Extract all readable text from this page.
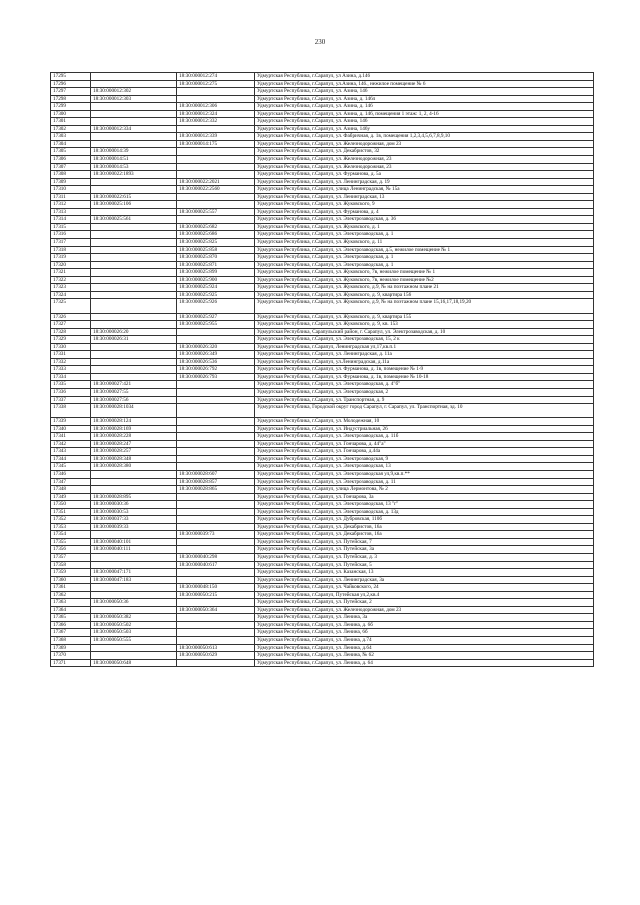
230
17295		18:30:000012:274	Удмуртская Республика, г.Сарапул, ул Азина, д.146
17296		18:30:000012:275	Удмуртская Республика, г.Сарапул, ул.Азина, 146., нежилое помещение № 6
17297	18:30:000012:302		Удмуртская Республика, г.Сарапул, ул. Азина, 146
17298	18:30:000012:303		Удмуртская Республика, г.Сарапул, ул. Азина, д. 146л
17299		18:30:000012:306	Удмуртская Республика, г.Сарапул, ул. Азина, д. 146
17300		18:30:000012:324	Удмуртская Республика, г.Сарапул, ул. Азина, д. 146, помещения 1 этаж: 1, 2, 4-16
17301		18:30:000012:332	Удмуртская Республика, г.Сарапул, ул. Азина, 146
17302	18:30:000012:334		Удмуртская Республика, г.Сарапул, ул. Азина, 146у
17303		18:30:000012:339	Удмуртская Республика, г.Сарапул, ул. Фабричная, д. 1в, помещения 1,2,3,4,5,6,7,8,9,10
17304		18:30:000014:175	Удмуртская Республика, г.Сарапул, ул. Железнодорожная, дом 23
17305	18:30:000014:39		Удмуртская Республика, г.Сарапул, ул. Декабристов, 32
17306	18:30:000014:51		Удмуртская Республика, г.Сарапул, ул. Железнодорожная, 23
17307	18:30:000014:53		Удмуртская Республика, г.Сарапул, ул. Железнодорожная, 23
17308	18:30:000022:1893		Удмуртская Республика, г.Сарапул, ул. Фурманова, д. 5а
17309		18:30:000022:2021	Удмуртская Республика, г.Сарапул, ул. Ленинградская, д. 19
17310		18:30:000022:2560	Удмуртская Республика, г.Сарапул, улица Ленинградская, № 15а
17311	18:30:000022:615		Удмуртская Республика, г.Сарапул, ул. Ленинградская, 13
17312	18:30:000025:106		Удмуртская Республика, г.Сарапул, ул. Жуковского, 9
17313		18:30:000025:557	Удмуртская Республика, г.Сарапул, ул. Фурманова, д. 4
17314	18:30:000025:561		Удмуртская Республика, г.Сарапул, ул. Электрозаводская, д. 36
17315		18:30:000025:682	Удмуртская Республика, г.Сарапул, ул. Жуковского, д. 1
17316		18:30:000025:686	Удмуртская Республика, г.Сарапул, ул. Электрозаводская, д. 1
17317		18:30:000025:825	Удмуртская Республика, г.Сарапул, ул. Жуковского, д. 11
17318		18:30:000025:858	Удмуртская Республика, г.Сарапул, ул. Электрозаводская, д.5, нежилое помещение № 1
17319		18:30:000025:870	Удмуртская Республика, г.Сарапул, ул. Электрозаводская, д. 1
17320		18:30:000025:871	Удмуртская Республика, г.Сарапул, ул. Электрозаводская, д. 1
17321		18:30:000025:899	Удмуртская Республика, г.Сарапул, ул. Жуковского, 7в, нежилое помещение № 1
17322		18:30:000025:900	Удмуртская Республика, г.Сарапул, ул. Жуковского, 7в, нежилое помещение №2
17323		18:30:000025:924	Удмуртская Республика, г.Сарапул, ул. Жуковского, д.9, № на поэтажном плане 21
17324		18:30:000025:925	Удмуртская Республика, г.Сарапул, ул. Жуковского, д. 9, квартира 156
17325		18:30:000025:926	Удмуртская Республика, г.Сарапул, ул. Жуковского, д.9, № на поэтажном плане 15,16,17,18,19,20
17326		18:30:000025:927	Удмуртская Республика, г.Сарапул, ул. Жуковского, д. 9, квартира 155
17327		18:30:000025:955	Удмуртская Республика, г.Сарапул, ул. Жуковского, д. 9, кв. 153
17328	18:30:000026:20		Удмуртская Республика, Сарапульский район, г. Сарапул, ул. Электрозаводская, д. 10
17329	18:30:000026:31		Удмуртская Республика, г.Сарапул, ул. Электрозаводская, 15, 2 к
17330		18:30:000026:320	Удмуртская Республика, г.Сарапул, Ленинградская ул,17,кв.п.1
17331		18:30:000026:349	Удмуртская Республика, г.Сарапул, ул. Ленинградская, д. 11а
17332		18:30:000026:536	Удмуртская Республика, г.Сарапул, ул.Ленинградская, д.11а
17333		18:30:000026:792	Удмуртская Республика, г.Сарапул, ул. Фурманова, д. 1в, помещение № 1-9
17334		18:30:000026:793	Удмуртская Республика, г.Сарапул, ул. Фурманова, д. 1в, помещение № 10-18
17335	18:30:000027:421		Удмуртская Республика, г.Сарапул, ул. Электрозаводская, д. 4"б"
17336	18:30:000027:55		Удмуртская Республика, г.Сарапул, ул. Электрозаводская, 2
17337	18:30:000027:56		Удмуртская Республика, г.Сарапул, ул. Транспортная, д. 9
17338	18:30:000028:1034		Удмуртская Республика, Городской округ город Сарапул, г. Сарапул, ул. Транспортная, зд. 10
17339	18:30:000028:124		Удмуртская Республика, г.Сарапул, ул. Молодежная, 10
17340	18:30:000028:169		Удмуртская Республика, г.Сарапул, ул. Индустриальная, 26
17341	18:30:000028:228		Удмуртская Республика, г.Сарапул, ул. Электрозаводская, д. 11б
17342	18:30:000028:247		Удмуртская Республика, г.Сарапул, ул. Гончарова, д. 44"а"
17343	18:30:000028:257		Удмуртская Республика, г.Сарапул, ул. Гончарова, д.44а
17344	18:30:000028:348		Удмуртская Республика, г.Сарапул, ул. Электрозаводская, 9
17345	18:30:000028:380		Удмуртская Республика, г.Сарапул, ул. Электрозаводская, 13
17346		18:30:000028:607	Удмуртская Республика, г.Сарапул, ул. Электрозаводская ул,9,кв.п.**
17347		18:30:000028:857	Удмуртская Республика, г.Сарапул, ул. Электрозаводская, д. 11
17348		18:30:000028:865	Удмуртская Республика, г.Сарапул, улица Лермонтова, № 2
17349	18:30:000028:895		Удмуртская Республика, г.Сарапул, ул. Гончарова, 3а
17350	18:30:000030:36		Удмуртская Республика, г.Сарапул, ул. Электрозаводская, 13 "г"
17351	18:30:000030:53		Удмуртская Республика, г.Сарапул, ул. Электрозаводская, д. 13д
17352	18:30:000037:33		Удмуртская Республика, г.Сарапул, ул. Дубровская, 110б
17353	18:30:000039:33		Удмуртская Республика, г.Сарапул, ул. Декабристов, 16а
17354		18:30:000039:73	Удмуртская Республика, г.Сарапул, ул. Декабристов, 16а
17355	18:30:000040:101		Удмуртская Республика, г.Сарапул, ул. Путейская, 7
17356	18:30:000040:111		Удмуртская Республика, г.Сарапул, ул. Путейская, 3а
17357		18:30:000040:298	Удмуртская Республика, г.Сарапул, ул. Путейская, д. 3
17358		18:30:000040:617	Удмуртская Республика, г.Сарапул, ул. Путейская, 5
17359	18:30:000047:171		Удмуртская Республика, г.Сарапул, ул. Казанская, 13
17360	18:30:000047:183		Удмуртская Республика, г.Сарапул, ул. Ленинградская, 3а
17361		18:30:000048:150	Удмуртская Республика, г.Сарапул, ул. Чайковского, 24
17362		18:30:000050:215	Удмуртская Республика, г.Сарапул, Путейская ул,2,кв.4
17363	18:30:000050:36		Удмуртская Республика, г.Сарапул, ул. Путейская, 2
17364		18:30:000050:364	Удмуртская Республика, г.Сарапул, ул. Железнодорожная, дом 23
17365	18:30:000050:382		Удмуртская Республика, г.Сарапул, ул. Ленина, 3а
17366	18:30:000050:502		Удмуртская Республика, г.Сарапул, ул. Ленина, д. 6б
17367	18:30:000050:503		Удмуртская Республика, г.Сарапул, ул. Ленина, 6б
17368	18:30:000050:555		Удмуртская Республика, г.Сарапул, ул. Ленина, д.74
17369		18:30:000050:613	Удмуртская Республика, г.Сарапул, ул. Ленина, д.64
17370		18:30:000050:629	Удмуртская Республика, г.Сарапул, ул. Ленина, № 62
17371	18:30:000050:648		Удмуртская Республика, г.Сарапул, ул. Ленина, д. 64
